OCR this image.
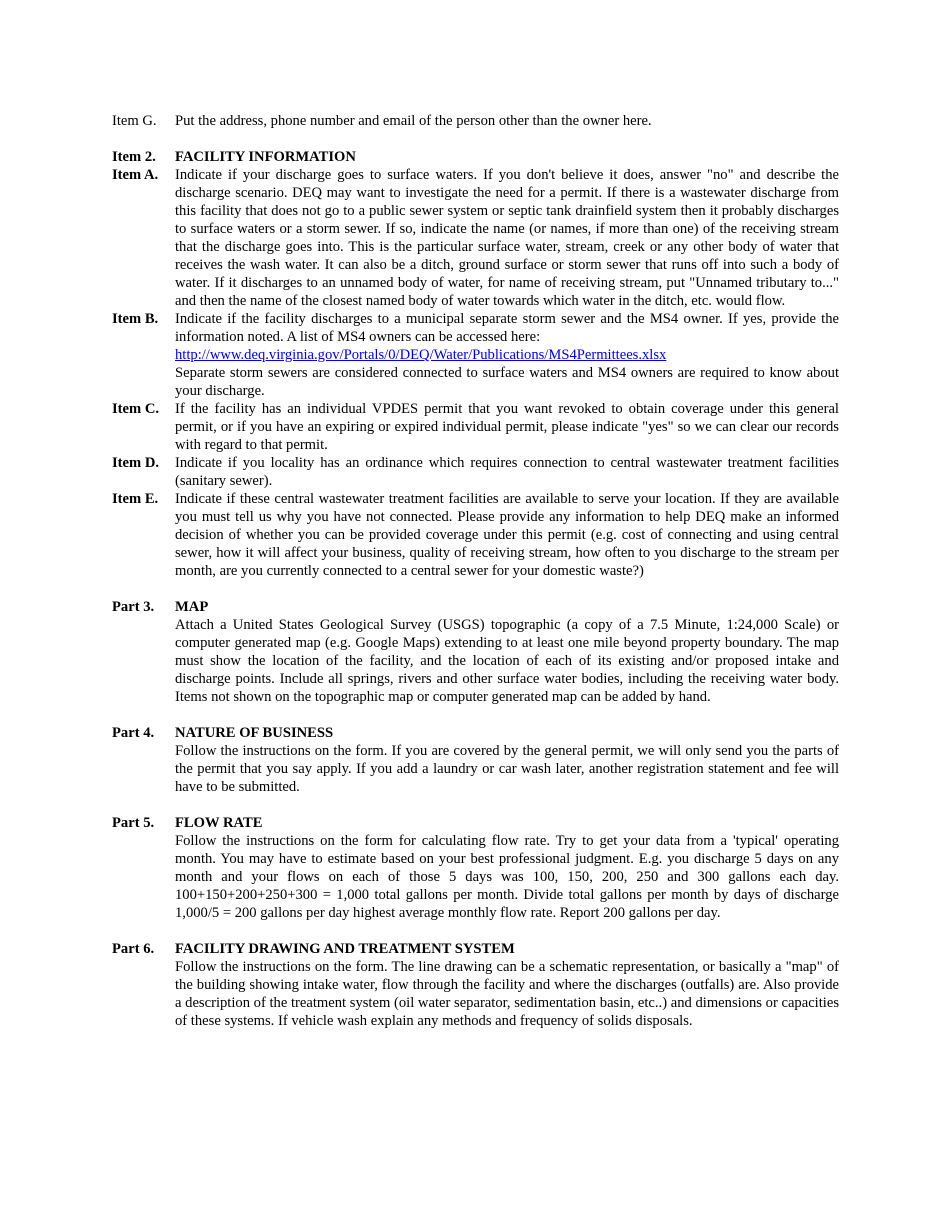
Item G.	Put the address, phone number and email of the person other than the owner here.

Item 2.	FACILITY INFORMATION
Item A.	Indicate if your discharge goes to surface waters. If you don't believe it does, answer "no" and describe the discharge scenario. DEQ may want to investigate the need for a permit. If there is a wastewater discharge from this facility that does not go to a public sewer system or septic tank drainfield system then it probably discharges to surface waters or a storm sewer. If so, indicate the name (or names, if more than one) of the receiving stream that the discharge goes into. This is the particular surface water, stream, creek or any other body of water that receives the wash water. It can also be a ditch, ground surface or storm sewer that runs off into such a body of water. If it discharges to an unnamed body of water, for name of receiving stream, put "Unnamed tributary to..." and then the name of the closest named body of water towards which water in the ditch, etc. would flow.

Item B.	Indicate if the facility discharges to a municipal separate storm sewer and the MS4 owner. If yes, provide the information noted. A list of MS4 owners can be accessed here:

http://www.deq.virginia.gov/Portals/0/DEQ/Water/Publications/MS4Permittees.xlsx

Separate storm sewers are considered connected to surface waters and MS4 owners are required to know about your discharge.

Item C.	If the facility has an individual VPDES permit that you want revoked to obtain coverage under this general permit, or if you have an expiring or expired individual permit, please indicate "yes" so we can clear our records with regard to that permit.

Item D.	Indicate if you locality has an ordinance which requires connection to central wastewater treatment facilities (sanitary sewer).

Item E.	Indicate if these central wastewater treatment facilities are available to serve your location. If they are available you must tell us why you have not connected. Please provide any information to help DEQ make an informed decision of whether you can be provided coverage under this permit (e.g. cost of connecting and using central sewer, how it will affect your business, quality of receiving stream, how often to you discharge to the stream per month, are you currently connected to a central sewer for your domestic waste?)

Part 3.	MAP

Attach a United States Geological Survey (USGS) topographic (a copy of a 7.5 Minute, 1:24,000 Scale) or computer generated map (e.g. Google Maps) extending to at least one mile beyond property boundary. The map must show the location of the facility, and the location of each of its existing and/or proposed intake and discharge points. Include all springs, rivers and other surface water bodies, including the receiving water body. Items not shown on the topographic map or computer generated map can be added by hand.

Part 4.	NATURE OF BUSINESS

Follow the instructions on the form. If you are covered by the general permit, we will only send you the parts of the permit that you say apply. If you add a laundry or car wash later, another registration statement and fee will have to be submitted.

Part 5.	FLOW RATE

Follow the instructions on the form for calculating flow rate. Try to get your data from a 'typical' operating month. You may have to estimate based on your best professional judgment. E.g. you discharge 5 days on any month and your flows on each of those 5 days was 100, 150, 200, 250 and 300 gallons each day. 100+150+200+250+300 = 1,000 total gallons per month. Divide total gallons per month by days of discharge 1,000/5 = 200 gallons per day highest average monthly flow rate. Report 200 gallons per day.

Part 6.	FACILITY DRAWING AND TREATMENT SYSTEM

Follow the instructions on the form. The line drawing can be a schematic representation, or basically a "map" of the building showing intake water, flow through the facility and where the discharges (outfalls) are. Also provide a description of the treatment system (oil water separator, sedimentation basin, etc..) and dimensions or capacities of these systems. If vehicle wash explain any methods and frequency of solids disposals.
